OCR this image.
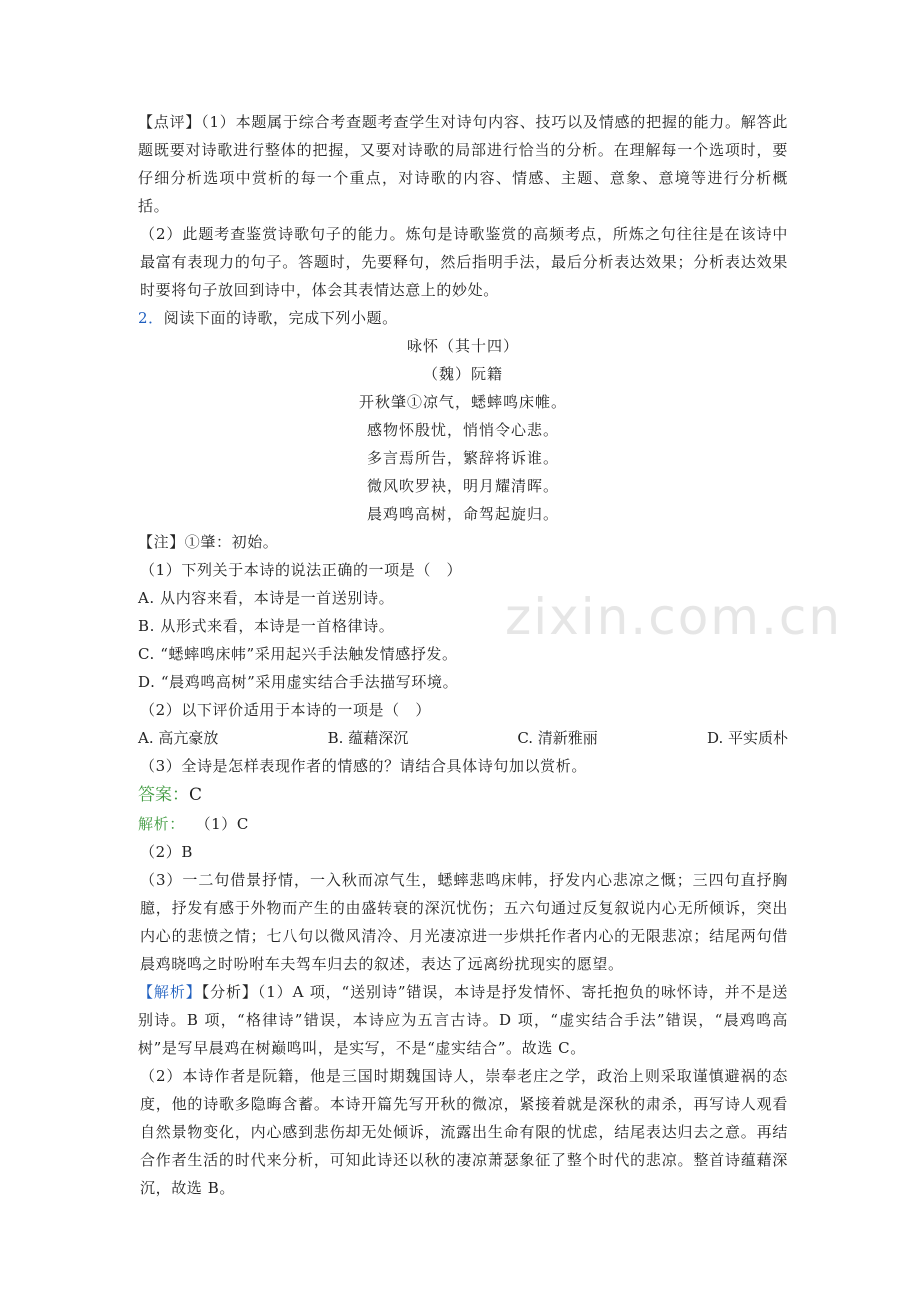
zixin.com.cn

【点评】（1）本题属于综合考查题考查学生对诗句内容、技巧以及情感的把握的能力。解答此题既要对诗歌进行整体的把握，又要对诗歌的局部进行恰当的分析。在理解每一个选项时，要仔细分析选项中赏析的每一个重点，对诗歌的内容、情感、主题、意象、意境等进行分析概括。

（2）此题考查鉴赏诗歌句子的能力。炼句是诗歌鉴赏的高频考点，所炼之句往往是在该诗中最富有表现力的句子。答题时，先要释句，然后指明手法，最后分析表达效果；分析表达效果时要将句子放回到诗中，体会其表情达意上的妙处。

2．阅读下面的诗歌，完成下列小题。

咏怀（其十四）

（魏）阮籍

开秋肇①凉气，蟋蟀鸣床帷。

感物怀殷忧，悄悄令心悲。

多言焉所告，繁辞将诉谁。

微风吹罗袂，明月耀清晖。

晨鸡鸣高树，命驾起旋归。

【注】①肇：初始。

（1）下列关于本诗的说法正确的一项是（　）

A. 从内容来看，本诗是一首送别诗。

B. 从形式来看，本诗是一首格律诗。

C. “蟋蟀鸣床帏”采用起兴手法触发情感抒发。

D. “晨鸡鸣高树”采用虚实结合手法描写环境。

（2）以下评价适用于本诗的一项是（　）

A. 高亢豪放	B. 蕴藉深沉	C. 清新雅丽	D. 平实质朴

（3）全诗是怎样表现作者的情感的？请结合具体诗句加以赏析。

答案：C

解析： （1）C

（2）B

（3）一二句借景抒情，一入秋而凉气生，蟋蟀悲鸣床帏，抒发内心悲凉之慨；三四句直抒胸臆，抒发有感于外物而产生的由盛转衰的深沉忧伤；五六句通过反复叙说内心无所倾诉，突出内心的悲愤之情；七八句以微风清冷、月光凄凉进一步烘托作者内心的无限悲凉；结尾两句借晨鸡晓鸣之时吩咐车夫驾车归去的叙述，表达了远离纷扰现实的愿望。

【解析】【分析】（1）A 项，“送别诗”错误，本诗是抒发情怀、寄托抱负的咏怀诗，并不是送别诗。B 项，“格律诗”错误，本诗应为五言古诗。D 项，“虚实结合手法”错误，“晨鸡鸣高树”是写早晨鸡在树巅鸣叫，是实写，不是“虚实结合”。故选 C。

（2）本诗作者是阮籍，他是三国时期魏国诗人，崇奉老庄之学，政治上则采取谨慎避祸的态度，他的诗歌多隐晦含蓄。本诗开篇先写开秋的微凉，紧接着就是深秋的肃杀，再写诗人观看自然景物变化，内心感到悲伤却无处倾诉，流露出生命有限的忧虑，结尾表达归去之意。再结合作者生活的时代来分析，可知此诗还以秋的凄凉萧瑟象征了整个时代的悲凉。整首诗蕴藉深沉，故选 B。
